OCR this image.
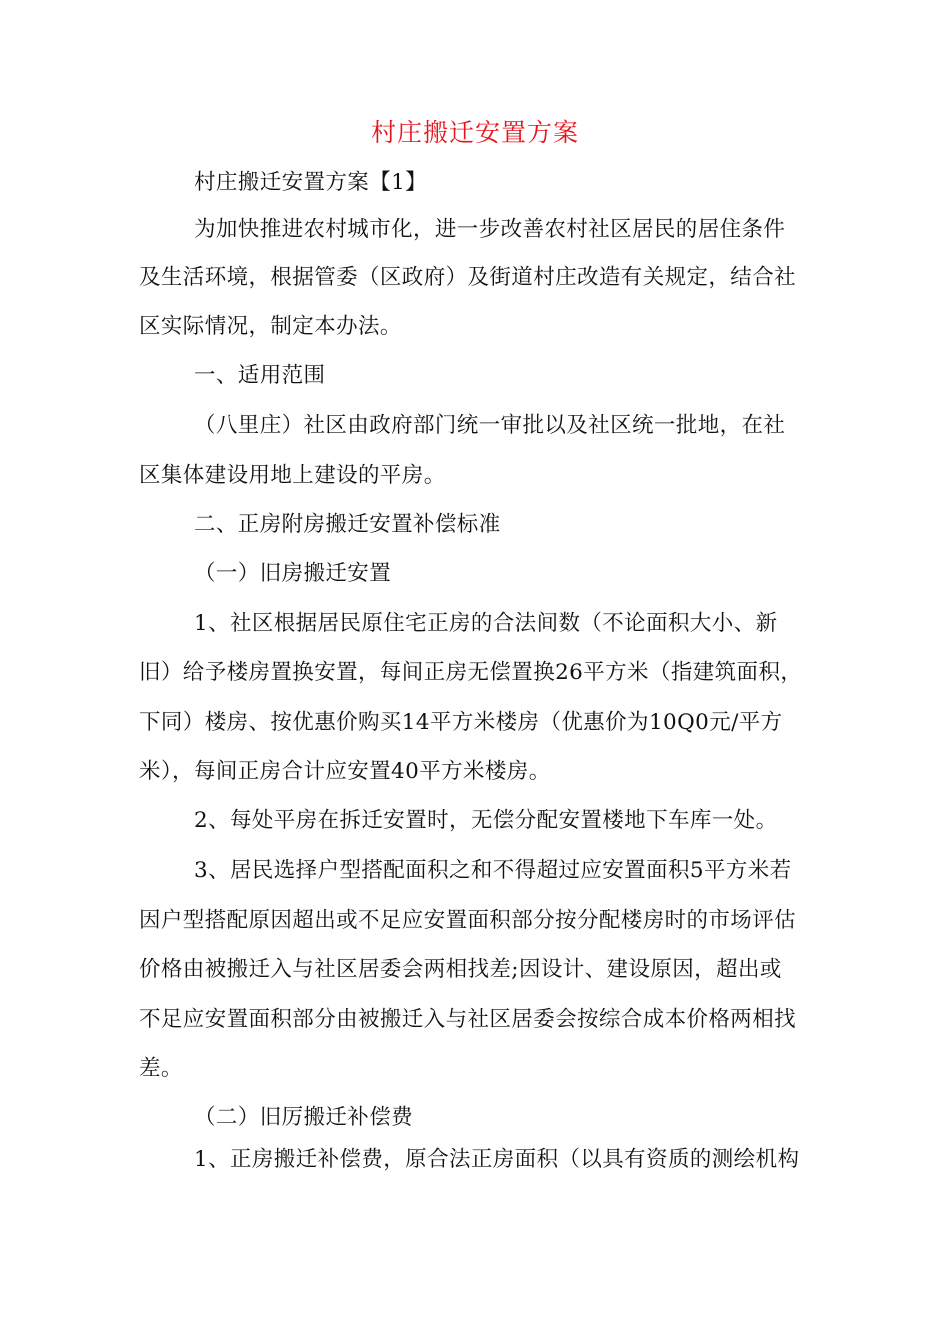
村庄搬迁安置方案

村庄搬迁安置方案【1】

为加快推进农村城市化，进一步改善农村社区居民的居住条件

及生活环境，根据管委（区政府）及街道村庄改造有关规定，结合社

区实际情况，制定本办法。

一、适用范围

（八里庄）社区由政府部门统一审批以及社区统一批地，在社

区集体建设用地上建设的平房。

二、正房附房搬迁安置补偿标准

（一）旧房搬迁安置

1、社区根据居民原住宅正房的合法间数（不论面积大小、新

旧）给予楼房置换安置，每间正房无偿置换26平方米（指建筑面积，

下同）楼房、按优惠价购买14平方米楼房（优惠价为10Q0元/平方

米），每间正房合计应安置40平方米楼房。

2、每处平房在拆迁安置时，无偿分配安置楼地下车库一处。

3、居民选择户型搭配面积之和不得超过应安置面积5平方米若

因户型搭配原因超出或不足应安置面积部分按分配楼房时的市场评估

价格由被搬迁入与社区居委会两相找差;因设计、建设原因，超出或

不足应安置面积部分由被搬迁入与社区居委会按综合成本价格两相找

差。

（二）旧厉搬迁补偿费

1、正房搬迁补偿费，原合法正房面积（以具有资质的测绘机构
